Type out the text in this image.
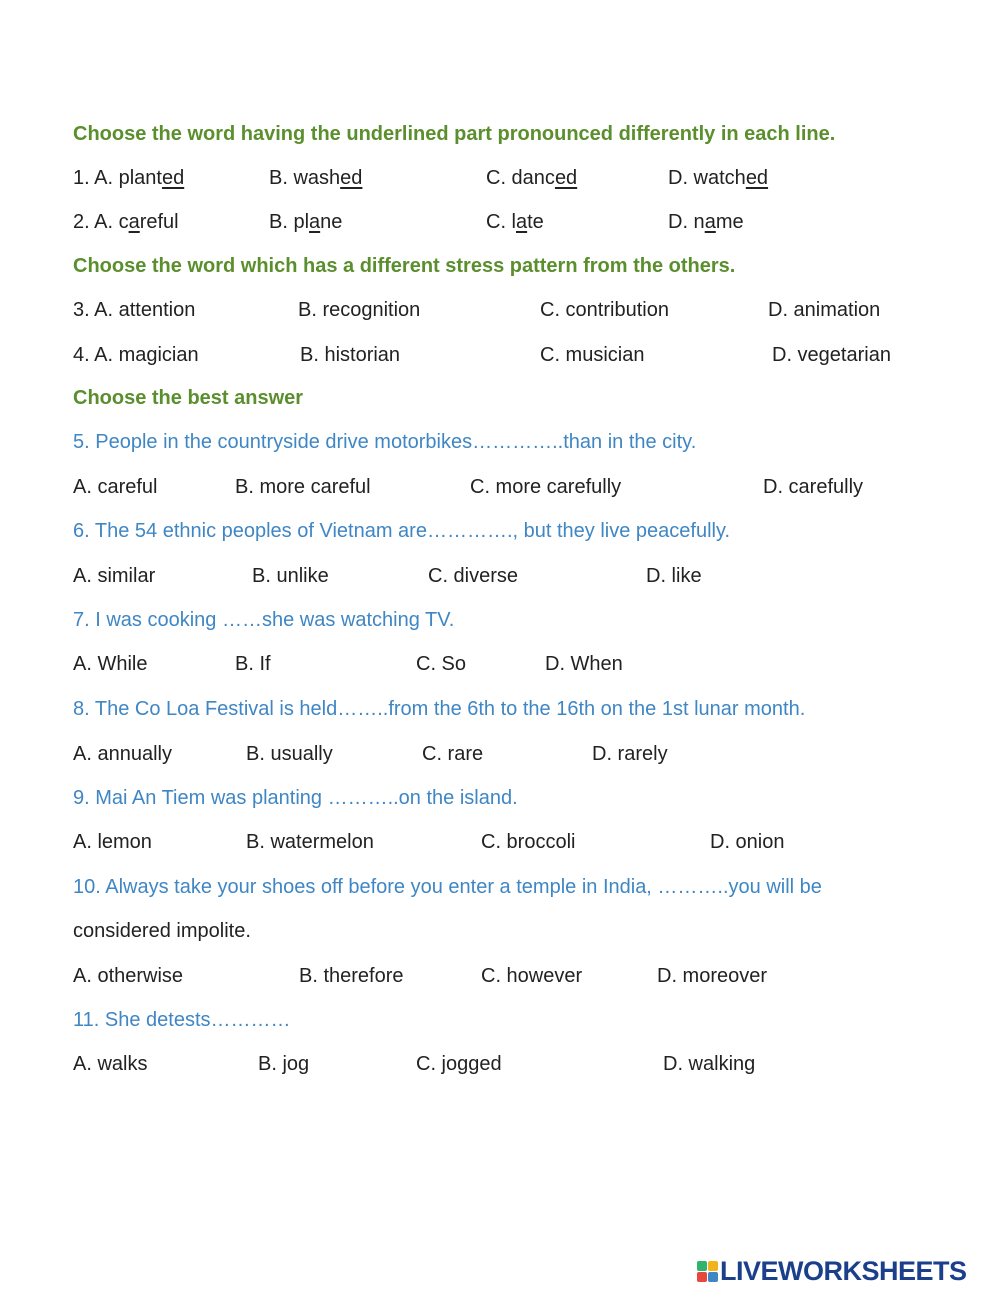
Choose the word having the underlined part pronounced differently in each line.
1. A. planted	B. washed	C. danced	D. watched
2. A. careful	B. plane	C. late	D. name
Choose the word which has a different stress pattern from the others.
3. A. attention	B. recognition	C. contribution	D. animation
4. A. magician	B. historian	C. musician	D. vegetarian
Choose the best answer
5. People in the countryside drive motorbikes…………..than in the city.
A. careful	B. more careful	C. more carefully	D. carefully
6. The 54 ethnic peoples of Vietnam are…………., but they live peacefully.
A. similar	B. unlike	C. diverse	D. like
7. I was cooking ……she was watching TV.
A. While	B. If	C. So	D. When
8. The Co Loa Festival is held……..from the 6th to the 16th on the 1st lunar month.
A. annually	B. usually	C. rare	D. rarely
9. Mai An Tiem was planting ………..on the island.
A. lemon	B. watermelon	C. broccoli	D. onion
10. Always take your shoes off before you enter a temple in India, ………..you will be
considered impolite.
A. otherwise	B. therefore	C. however	D. moreover
11. She detests…………
A. walks	B. jog	C. jogged	D. walking
LIVEWORKSHEETS
